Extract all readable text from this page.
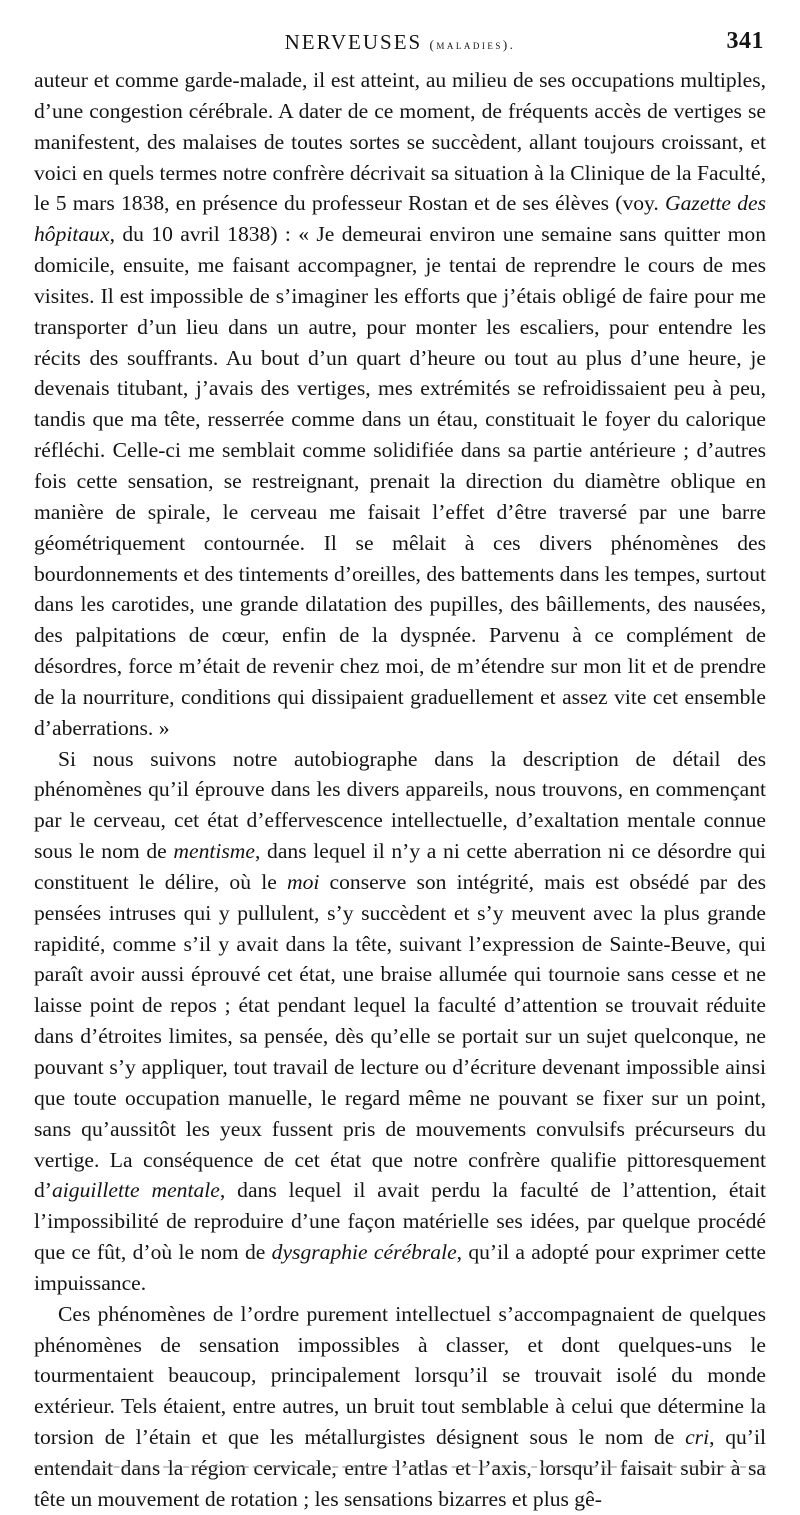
NERVEUSES (maladies).	341

auteur et comme garde-malade, il est atteint, au milieu de ses occupations multiples, d’une congestion cérébrale. A dater de ce moment, de fréquents accès de vertiges se manifestent, des malaises de toutes sortes se succèdent, allant toujours croissant, et voici en quels termes notre confrère décrivait sa situation à la Clinique de la Faculté, le 5 mars 1838, en présence du professeur Rostan et de ses élèves (voy. Gazette des hôpitaux, du 10 avril 1838) : « Je demeurai environ une semaine sans quitter mon domicile, ensuite, me faisant accompagner, je tentai de reprendre le cours de mes visites. Il est impossible de s’imaginer les efforts que j’étais obligé de faire pour me transporter d’un lieu dans un autre, pour monter les escaliers, pour entendre les récits des souffrants. Au bout d’un quart d’heure ou tout au plus d’une heure, je devenais titubant, j’avais des vertiges, mes extrémités se refroidissaient peu à peu, tandis que ma tête, resserrée comme dans un étau, constituait le foyer du calorique réfléchi. Celle-ci me semblait comme solidifiée dans sa partie antérieure ; d’autres fois cette sensation, se restreignant, prenait la direction du diamètre oblique en manière de spirale, le cerveau me faisait l’effet d’être traversé par une barre géométriquement contournée. Il se mêlait à ces divers phénomènes des bourdonnements et des tintements d’oreilles, des battements dans les tempes, surtout dans les carotides, une grande dilatation des pupilles, des bâillements, des nausées, des palpitations de cœur, enfin de la dyspnée. Parvenu à ce complément de désordres, force m’était de revenir chez moi, de m’étendre sur mon lit et de prendre de la nourriture, conditions qui dissipaient graduellement et assez vite cet ensemble d’aberrations. »

Si nous suivons notre autobiographe dans la description de détail des phénomènes qu’il éprouve dans les divers appareils, nous trouvons, en commençant par le cerveau, cet état d’effervescence intellectuelle, d’exaltation mentale connue sous le nom de mentisme, dans lequel il n’y a ni cette aberration ni ce désordre qui constituent le délire, où le moi conserve son intégrité, mais est obsédé par des pensées intruses qui y pullulent, s’y succèdent et s’y meuvent avec la plus grande rapidité, comme s’il y avait dans la tête, suivant l’expression de Sainte-Beuve, qui paraît avoir aussi éprouvé cet état, une braise allumée qui tournoie sans cesse et ne laisse point de repos ; état pendant lequel la faculté d’attention se trouvait réduite dans d’étroites limites, sa pensée, dès qu’elle se portait sur un sujet quelconque, ne pouvant s’y appliquer, tout travail de lecture ou d’écriture devenant impossible ainsi que toute occupation manuelle, le regard même ne pouvant se fixer sur un point, sans qu’aussitôt les yeux fussent pris de mouvements convulsifs précurseurs du vertige. La conséquence de cet état que notre confrère qualifie pittoresquement d’aiguillette mentale, dans lequel il avait perdu la faculté de l’attention, était l’impossibilité de reproduire d’une façon matérielle ses idées, par quelque procédé que ce fût, d’où le nom de dysgraphie cérébrale, qu’il a adopté pour exprimer cette impuissance.

Ces phénomènes de l’ordre purement intellectuel s’accompagnaient de quelques phénomènes de sensation impossibles à classer, et dont quelques-uns le tourmentaient beaucoup, principalement lorsqu’il se trouvait isolé du monde extérieur. Tels étaient, entre autres, un bruit tout semblable à celui que détermine la torsion de l’étain et que les métallurgistes désignent sous le nom de cri, qu’il entendait dans la région cervicale, entre l’atlas et l’axis, lorsqu’il faisait subir à sa tête un mouvement de rotation ; les sensations bizarres et plus gê-
